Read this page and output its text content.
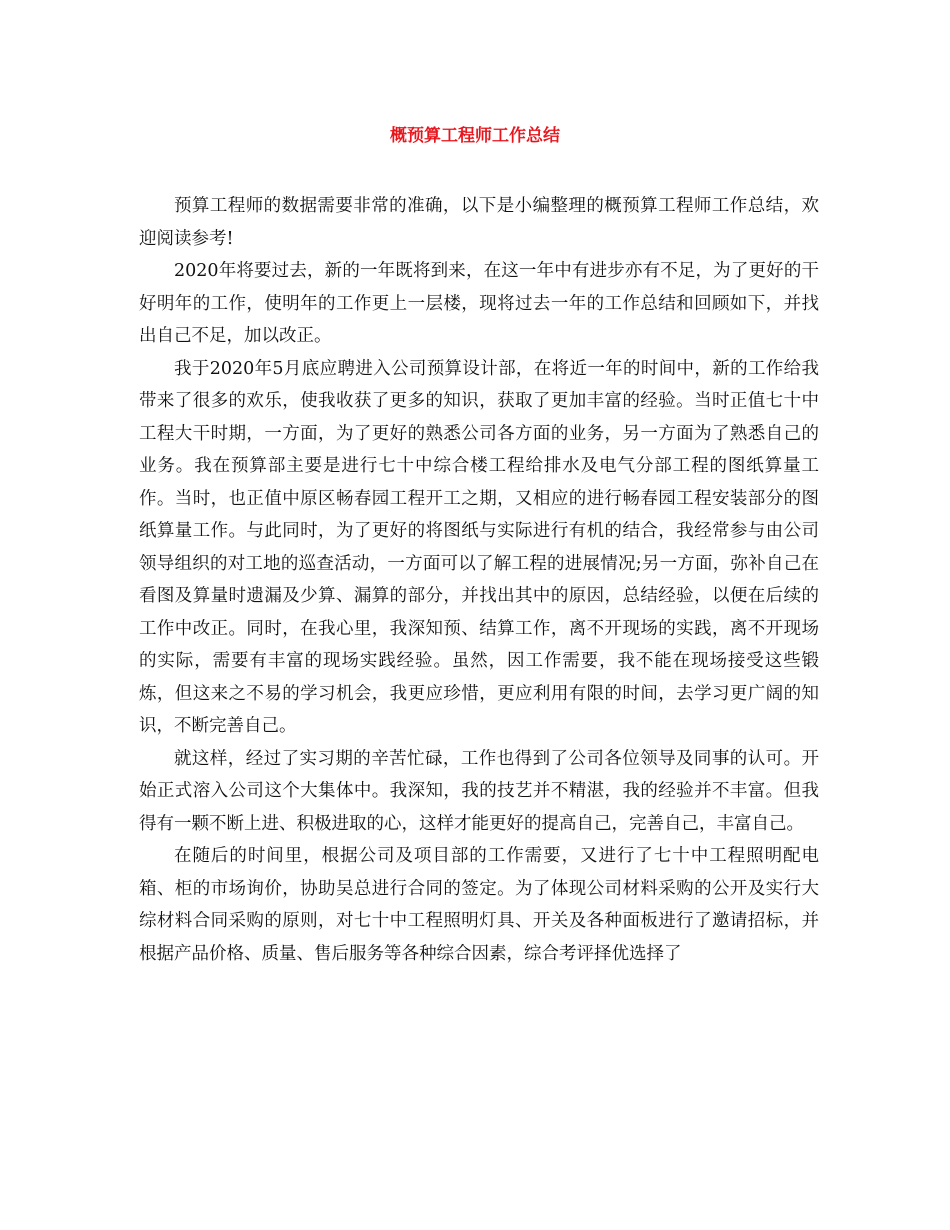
概预算工程师工作总结

预算工程师的数据需要非常的准确，以下是小编整理的概预算工程师工作总结，欢迎阅读参考!

2020年将要过去，新的一年既将到来，在这一年中有进步亦有不足，为了更好的干好明年的工作，使明年的工作更上一层楼，现将过去一年的工作总结和回顾如下，并找出自己不足，加以改正。

我于2020年5月底应聘进入公司预算设计部，在将近一年的时间中，新的工作给我带来了很多的欢乐，使我收获了更多的知识，获取了更加丰富的经验。当时正值七十中工程大干时期，一方面，为了更好的熟悉公司各方面的业务，另一方面为了熟悉自己的业务。我在预算部主要是进行七十中综合楼工程给排水及电气分部工程的图纸算量工作。当时，也正值中原区畅春园工程开工之期，又相应的进行畅春园工程安装部分的图纸算量工作。与此同时，为了更好的将图纸与实际进行有机的结合，我经常参与由公司领导组织的对工地的巡查活动，一方面可以了解工程的进展情况;另一方面，弥补自己在看图及算量时遗漏及少算、漏算的部分，并找出其中的原因，总结经验，以便在后续的工作中改正。同时，在我心里，我深知预、结算工作，离不开现场的实践，离不开现场的实际，需要有丰富的现场实践经验。虽然，因工作需要，我不能在现场接受这些锻炼，但这来之不易的学习机会，我更应珍惜，更应利用有限的时间，去学习更广阔的知识，不断完善自己。

就这样，经过了实习期的辛苦忙碌，工作也得到了公司各位领导及同事的认可。开始正式溶入公司这个大集体中。我深知，我的技艺并不精湛，我的经验并不丰富。但我得有一颗不断上进、积极进取的心，这样才能更好的提高自己，完善自己，丰富自己。

在随后的时间里，根据公司及项目部的工作需要，又进行了七十中工程照明配电箱、柜的市场询价，协助吴总进行合同的签定。为了体现公司材料采购的公开及实行大综材料合同采购的原则，对七十中工程照明灯具、开关及各种面板进行了邀请招标，并根据产品价格、质量、售后服务等各种综合因素，综合考评择优选择了
